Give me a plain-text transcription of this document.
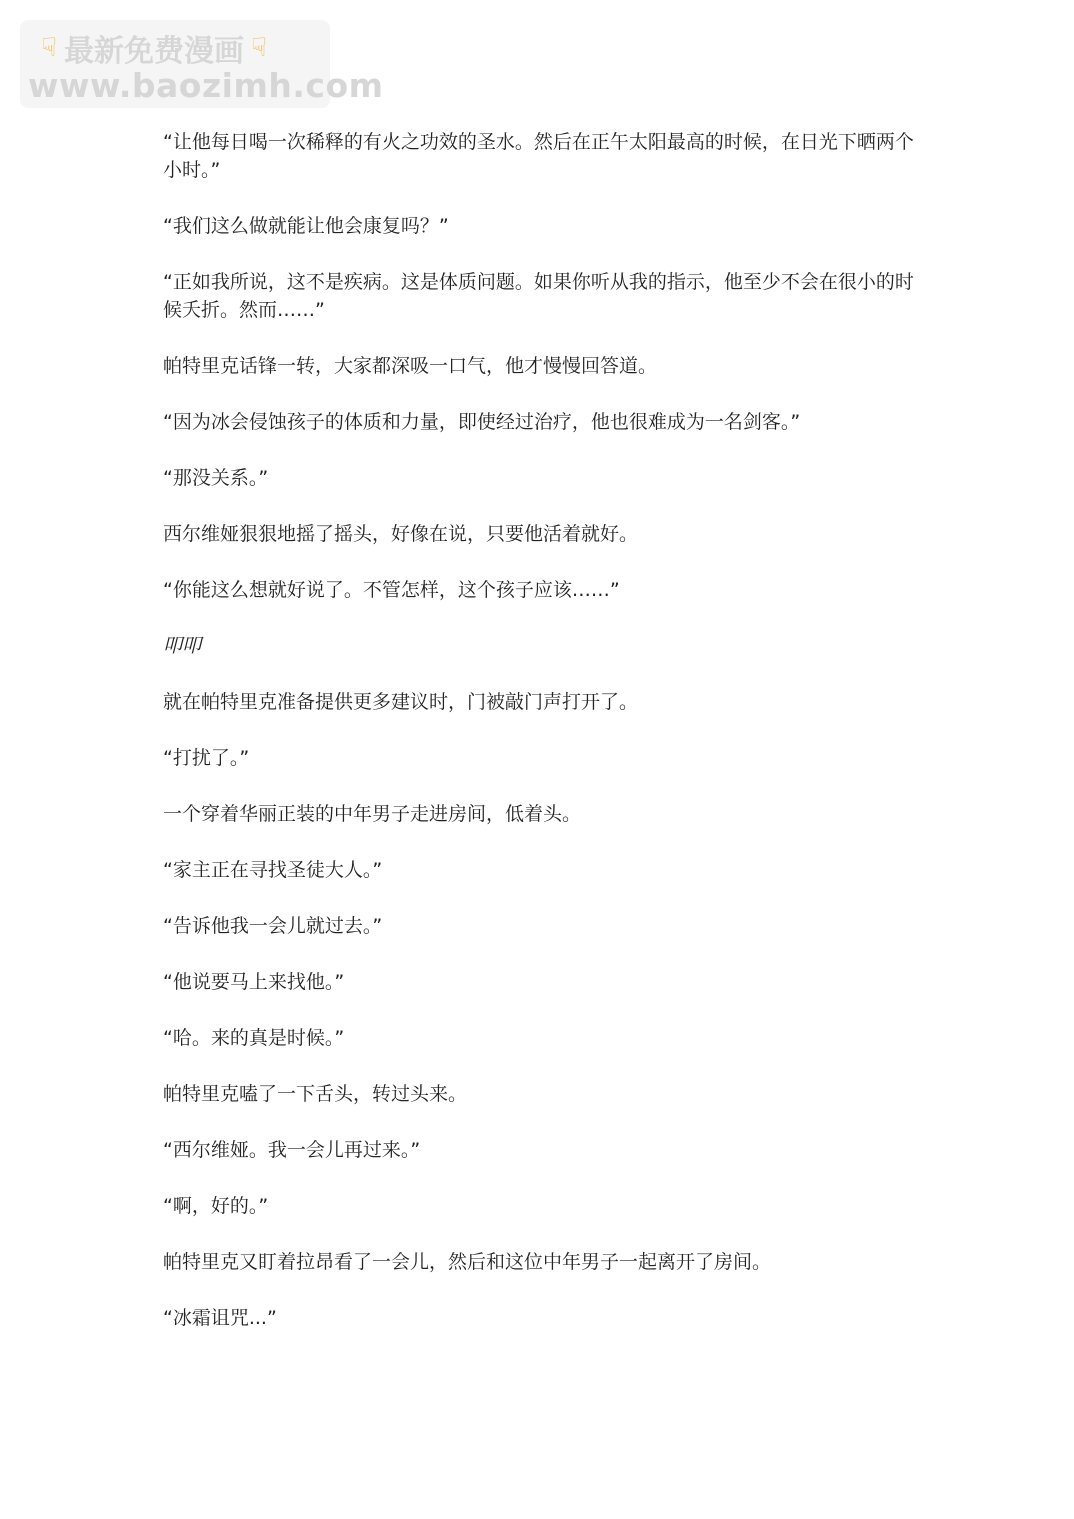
☟ 最新免费漫画 ☟
www.baozimh.com

“让他每日喝一次稀释的有火之功效的圣水。然后在正午太阳最高的时候，在日光下晒两个小时。”

“我们这么做就能让他会康复吗？”

“正如我所说，这不是疾病。这是体质问题。如果你听从我的指示，他至少不会在很小的时候夭折。然而……”

帕特里克话锋一转，大家都深吸一口气，他才慢慢回答道。

“因为冰会侵蚀孩子的体质和力量，即使经过治疗，他也很难成为一名剑客。”

“那没关系。”

西尔维娅狠狠地摇了摇头，好像在说，只要他活着就好。

“你能这么想就好说了。不管怎样，这个孩子应该……”

叩叩

就在帕特里克准备提供更多建议时，门被敲门声打开了。

“打扰了。”

一个穿着华丽正装的中年男子走进房间，低着头。

“家主正在寻找圣徒大人。”

“告诉他我一会儿就过去。”

“他说要马上来找他。”

“哈。来的真是时候。”

帕特里克嗑了一下舌头，转过头来。

“西尔维娅。我一会儿再过来。”

“啊，好的。”

帕特里克又盯着拉昂看了一会儿，然后和这位中年男子一起离开了房间。

“冰霜诅咒...”
